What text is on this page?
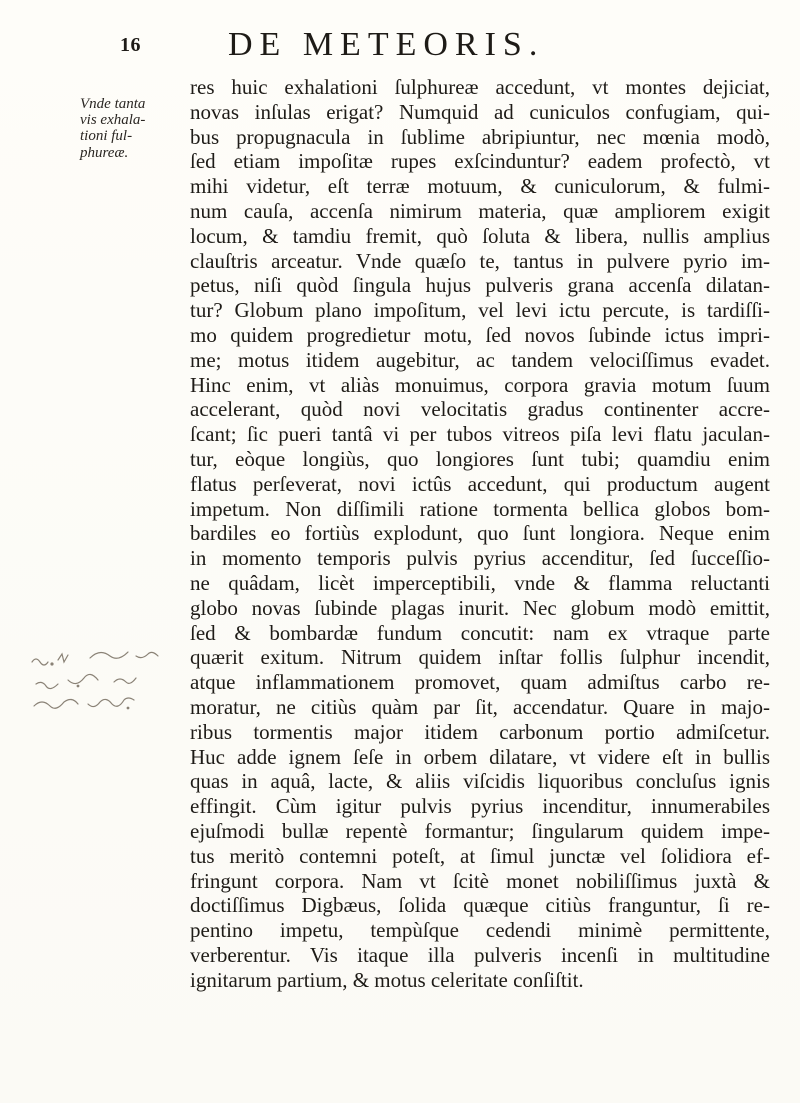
16	DE METEORIS.
Vnde tanta
vis exhala-
tioni ful-
phureæ.
res huic exhalationi ſulphureæ accedunt, vt montes dejiciat,
novas inſulas erigat? Numquid ad cuniculos confugiam, qui-
bus propugnacula in ſublime abripiuntur, nec mœnia modò,
ſed etiam impoſitæ rupes exſcinduntur? eadem profectò, vt
mihi videtur, eſt terræ motuum, & cuniculorum, & fulmi-
num cauſa, accenſa nimirum materia, quæ ampliorem exigit
locum, & tamdiu fremit, quò ſoluta & libera, nullis amplius
clauſtris arceatur. Vnde quæſo te, tantus in pulvere pyrio im-
petus, niſi quòd ſingula hujus pulveris grana accenſa dilatan-
tur? Globum plano impoſitum, vel levi ictu percute, is tardiſſi-
mo quidem progredietur motu, ſed novos ſubinde ictus impri-
me; motus itidem augebitur, ac tandem velociſſimus evadet.
Hinc enim, vt aliàs monuimus, corpora gravia motum ſuum
accelerant, quòd novi velocitatis gradus continenter accre-
ſcant; ſic pueri tantâ vi per tubos vitreos piſa levi flatu jaculan-
tur, eòque longiùs, quo longiores ſunt tubi; quamdiu enim
flatus perſeverat, novi ictûs accedunt, qui productum augent
impetum. Non diſſimili ratione tormenta bellica globos bom-
bardiles eo fortiùs explodunt, quo ſunt longiora. Neque enim
in momento temporis pulvis pyrius accenditur, ſed ſucceſſio-
ne quâdam, licèt imperceptibili, vnde & flamma reluctanti
globo novas ſubinde plagas inurit. Nec globum modò emittit,
ſed & bombardæ fundum concutit: nam ex vtraque parte
quærit exitum. Nitrum quidem inſtar follis ſulphur incendit,
atque inflammationem promovet, quam admiſtus carbo re-
moratur, ne citiùs quàm par ſit, accendatur. Quare in majo-
ribus tormentis major itidem carbonum portio admiſcetur.
Huc adde ignem ſeſe in orbem dilatare, vt videre eſt in bullis
quas in aquâ, lacte, & aliis viſcidis liquoribus concluſus ignis
effingit. Cùm igitur pulvis pyrius incenditur, innumerabiles
ejuſmodi bullæ repentè formantur; ſingularum quidem impe-
tus meritò contemni poteſt, at ſimul junctæ vel ſolidiora ef-
fringunt corpora. Nam vt ſcitè monet nobiliſſimus juxtà &
doctiſſimus Digbæus, ſolida quæque citiùs franguntur, ſi re-
pentino impetu, tempùſque cedendi minimè permittente,
verberentur. Vis itaque illa pulveris incenſi in multitudine
ignitarum partium, & motus celeritate conſiſtit.
